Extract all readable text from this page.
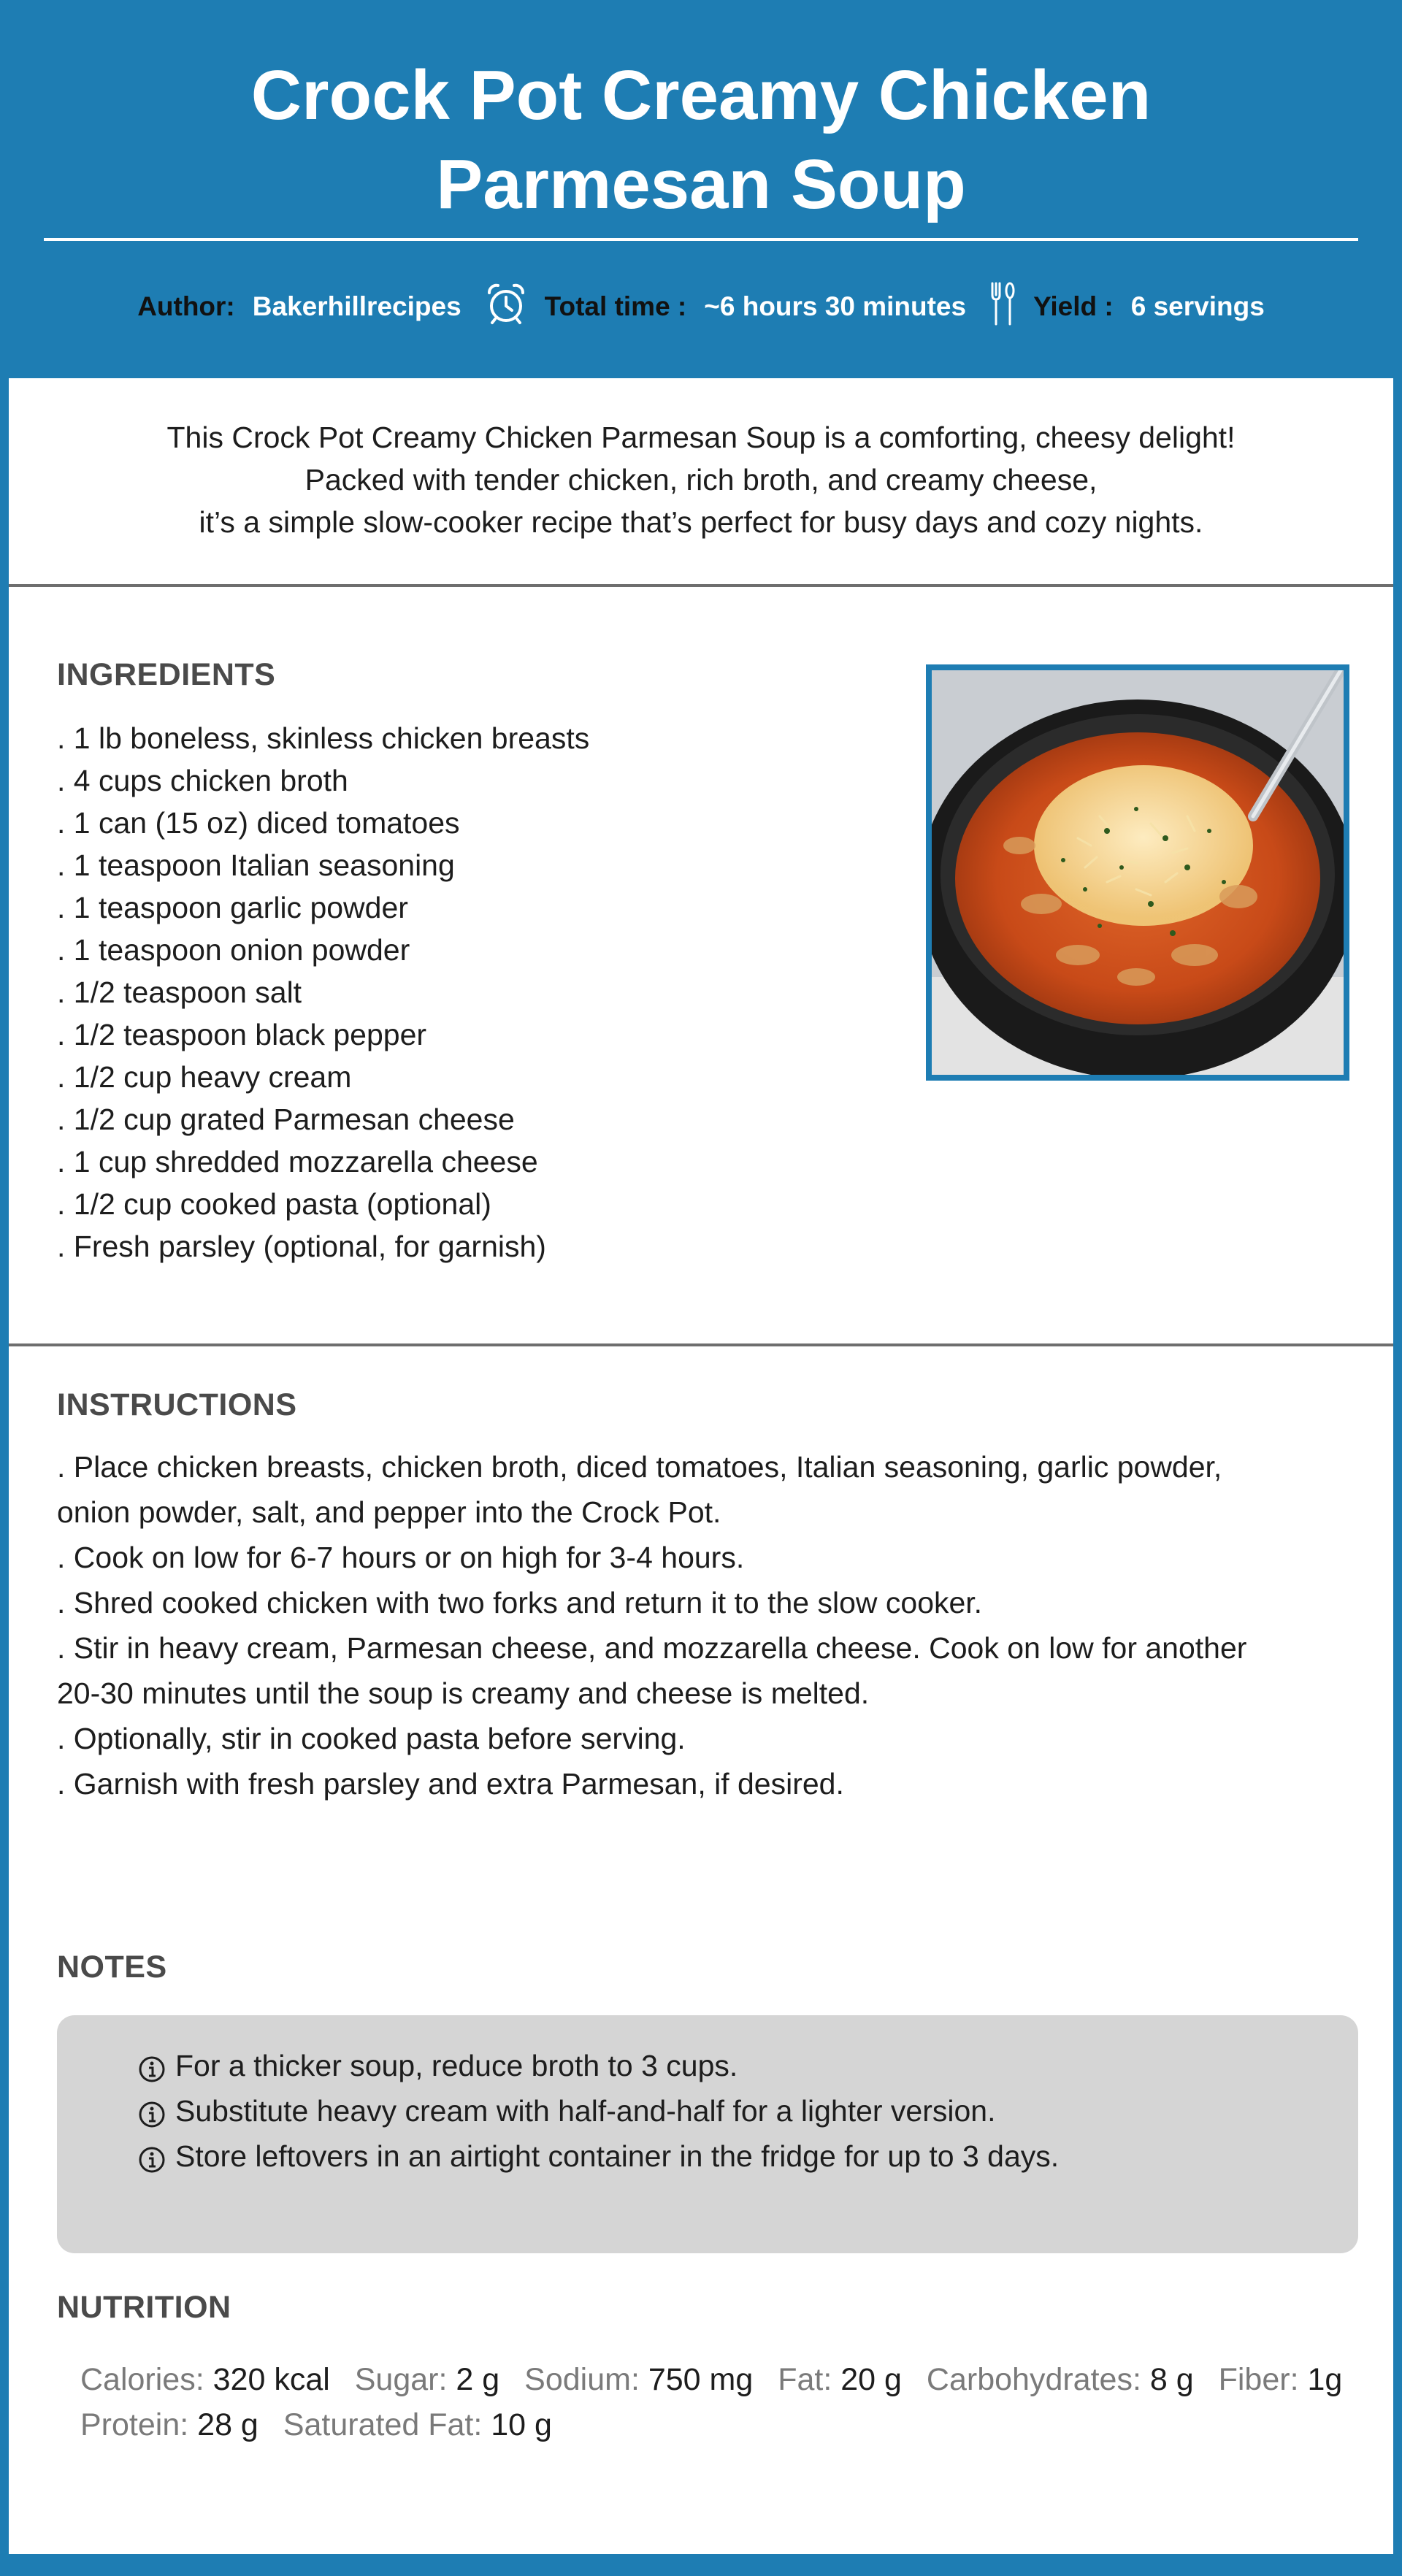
Crock Pot Creamy Chicken
Parmesan Soup
Author: Bakerhillrecipes	Total time : ~6 hours 30 minutes Yield : 6 servings

This Crock Pot Creamy Chicken Parmesan Soup is a comforting, cheesy delight!

Packed with tender chicken, rich broth, and creamy cheese,

it’s a simple slow-cooker recipe that’s perfect for busy days and cozy nights.

INGREDIENTS
. 1 lb boneless, skinless chicken breasts
. 4 cups chicken broth
. 1 can (15 oz) diced tomatoes
. 1 teaspoon Italian seasoning
. 1 teaspoon garlic powder
. 1 teaspoon onion powder
. 1/2 teaspoon salt
. 1/2 teaspoon black pepper
. 1/2 cup heavy cream
. 1/2 cup grated Parmesan cheese
. 1 cup shredded mozzarella cheese
. 1/2 cup cooked pasta (optional)
. Fresh parsley (optional, for garnish)
INSTRUCTIONS
. Place chicken breasts, chicken broth, diced tomatoes, Italian seasoning, garlic powder, onion powder, salt, and pepper into the Crock Pot.
. Cook on low for 6-7 hours or on high for 3-4 hours.
. Shred cooked chicken with two forks and return it to the slow cooker.
. Stir in heavy cream, Parmesan cheese, and mozzarella cheese. Cook on low for another 20-30 minutes until the soup is creamy and cheese is melted.
. Optionally, stir in cooked pasta before serving.
. Garnish with fresh parsley and extra Parmesan, if desired.
NOTES
For a thicker soup, reduce broth to 3 cups.
Substitute heavy cream with half-and-half for a lighter version.
Store leftovers in an airtight container in the fridge for up to 3 days.
NUTRITION
Calories: 320 kcal Sugar: 2 g Sodium: 750 mg Fat: 20 g Carbohydrates: 8 g Fiber: 1g
Protein: 28 g Saturated Fat: 10 g
